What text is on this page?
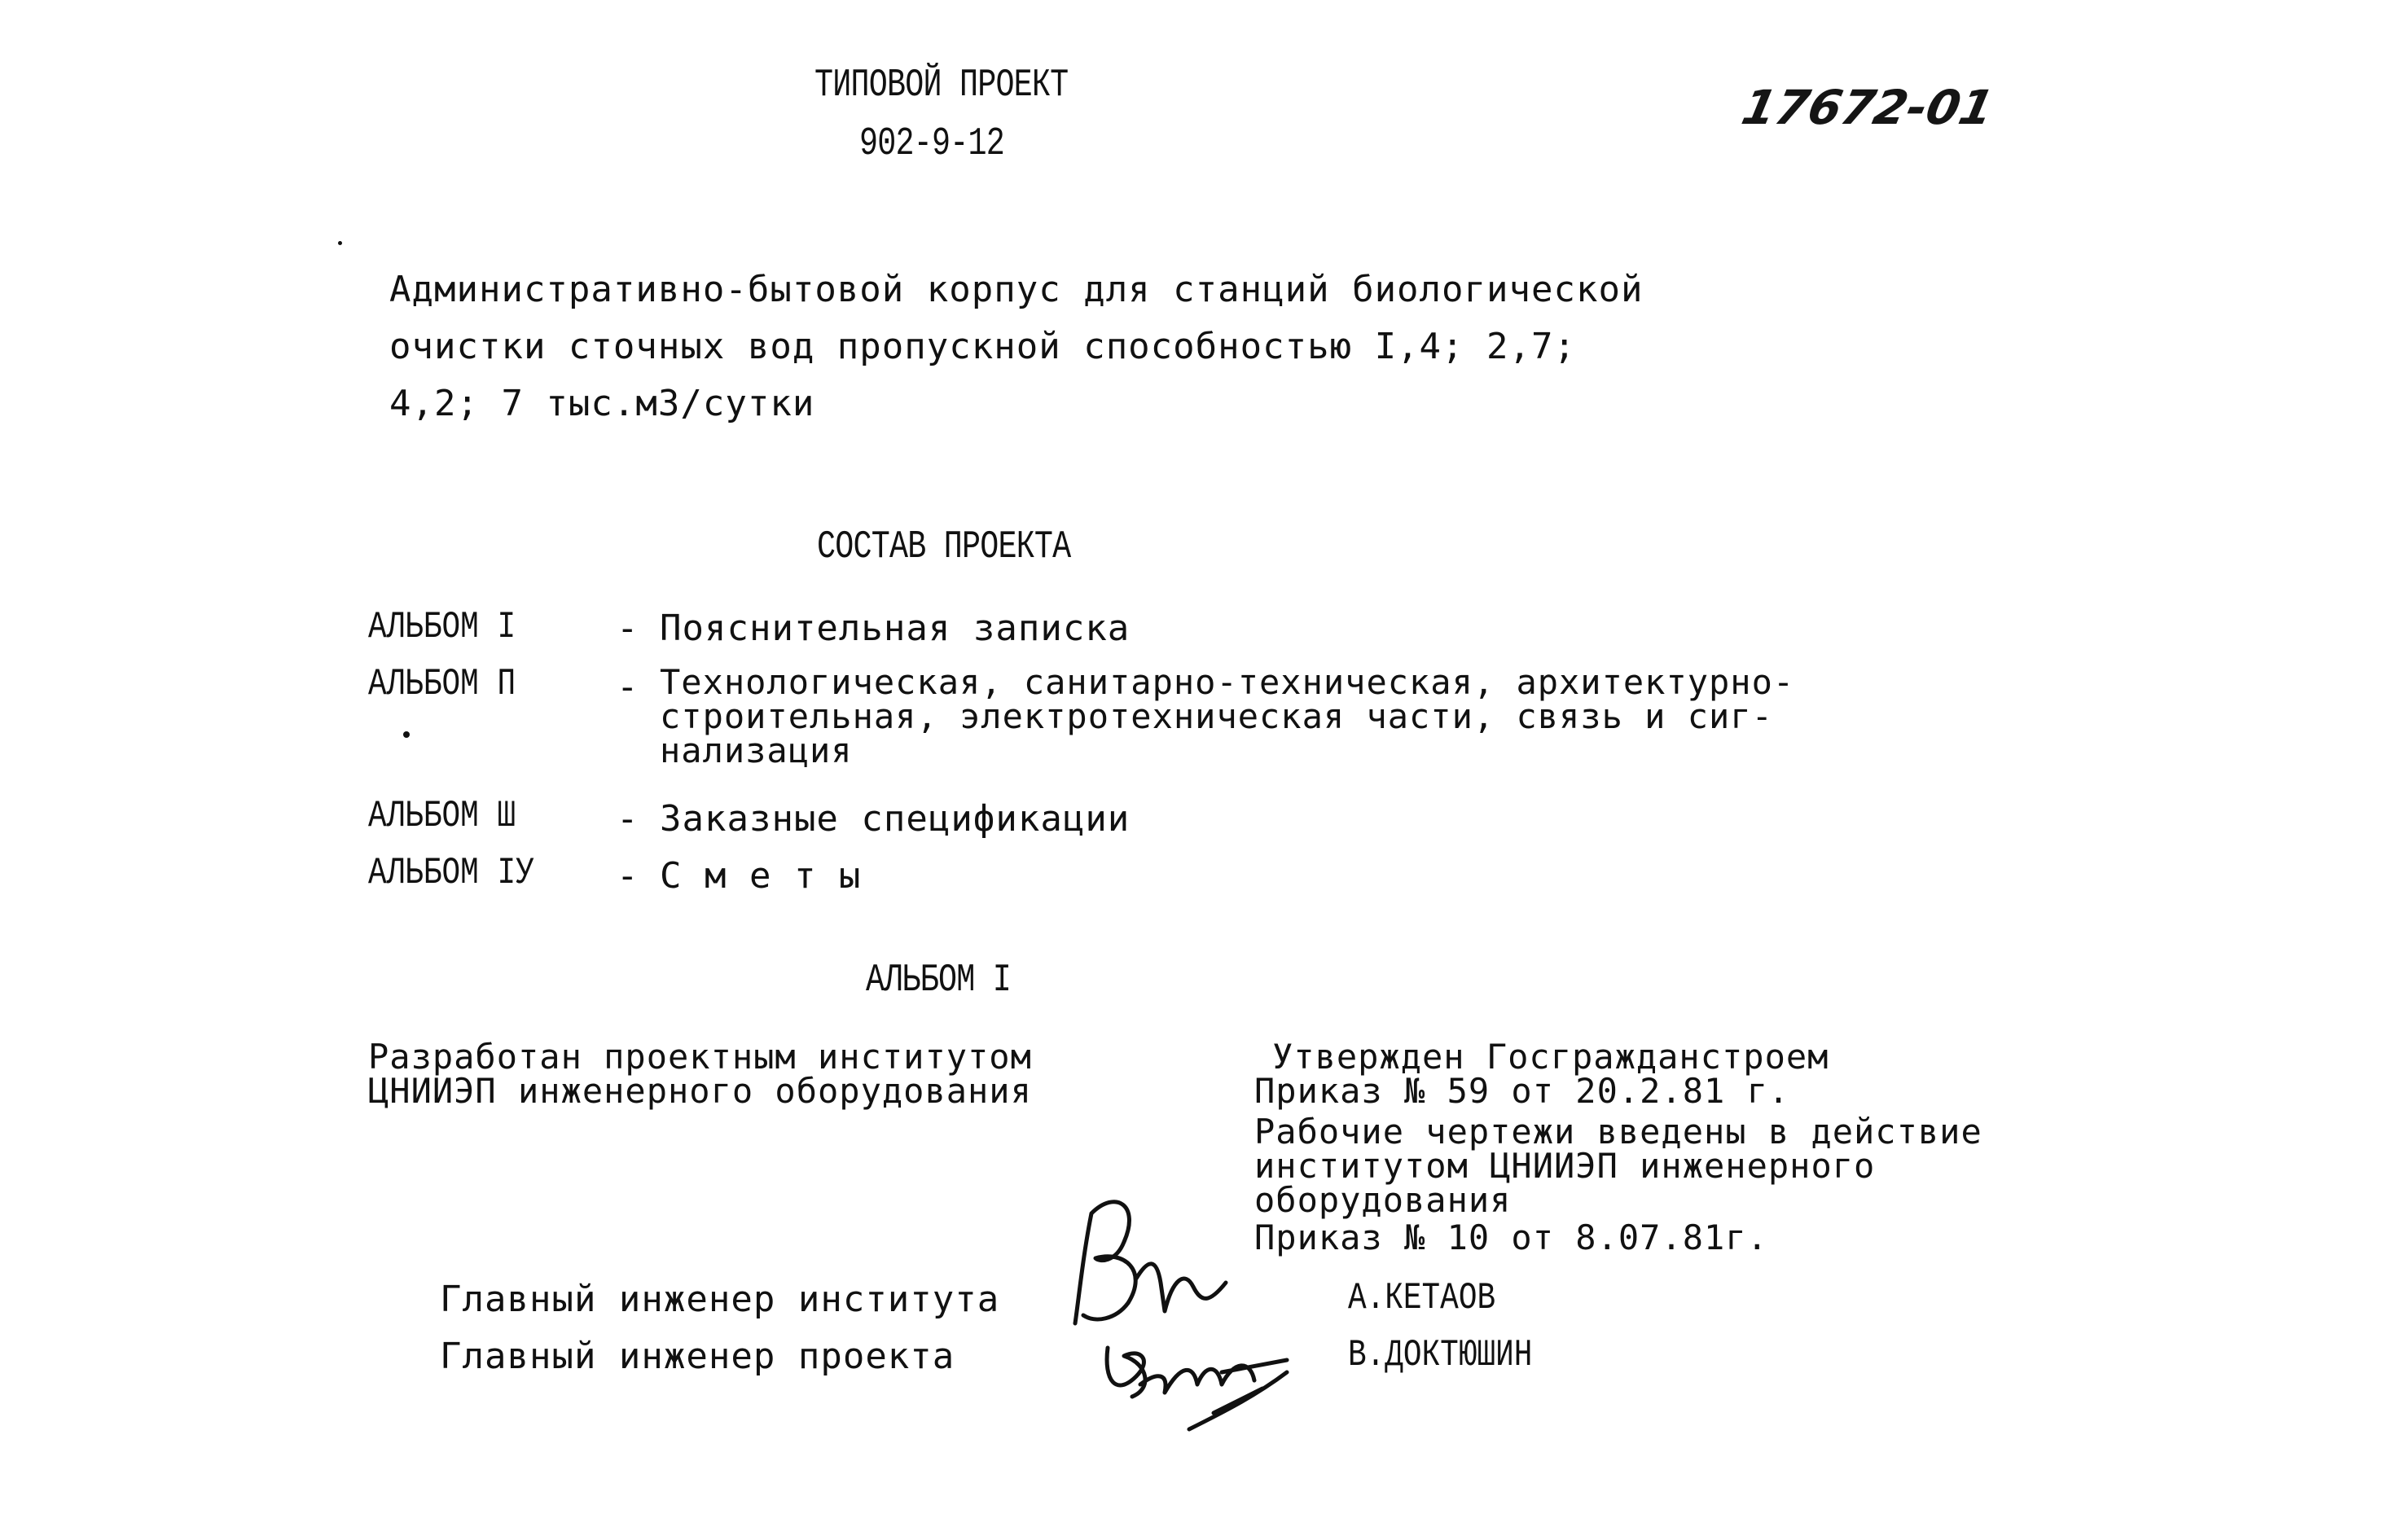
ТИПОВОЙ ПРОЕКТ
902-9-12
17672-01
Административно-бытовой корпус для станций биологической
очистки сточных вод пропускной способностью I,4; 2,7;
4,2; 7 тыс.м3/сутки
СОСТАВ ПРОЕКТА
АЛЬБОМ I	- Пояснительная записка
АЛЬБОМ П	- Технологическая, санитарно-техническая, архитектурно-
строительная, электротехническая части, связь и сиг-
нализация
АЛЬБОМ Ш	- Заказные спецификации
АЛЬБОМ IУ - С м е т ы
АЛЬБОМ I
Разработан проектным институтом
ЦНИИЭП инженерного оборудования
Утвержден Госгражданстроем
Приказ № 59 от 20.2.81 г.
Рабочие чертежи введены в действие
институтом ЦНИИЭП инженерного
оборудования
Приказ № 10 от 8.07.81г.
Главный инженер института	А.КЕТАОВ
Главный инженер проекта	В.ДОКТЮШИН
